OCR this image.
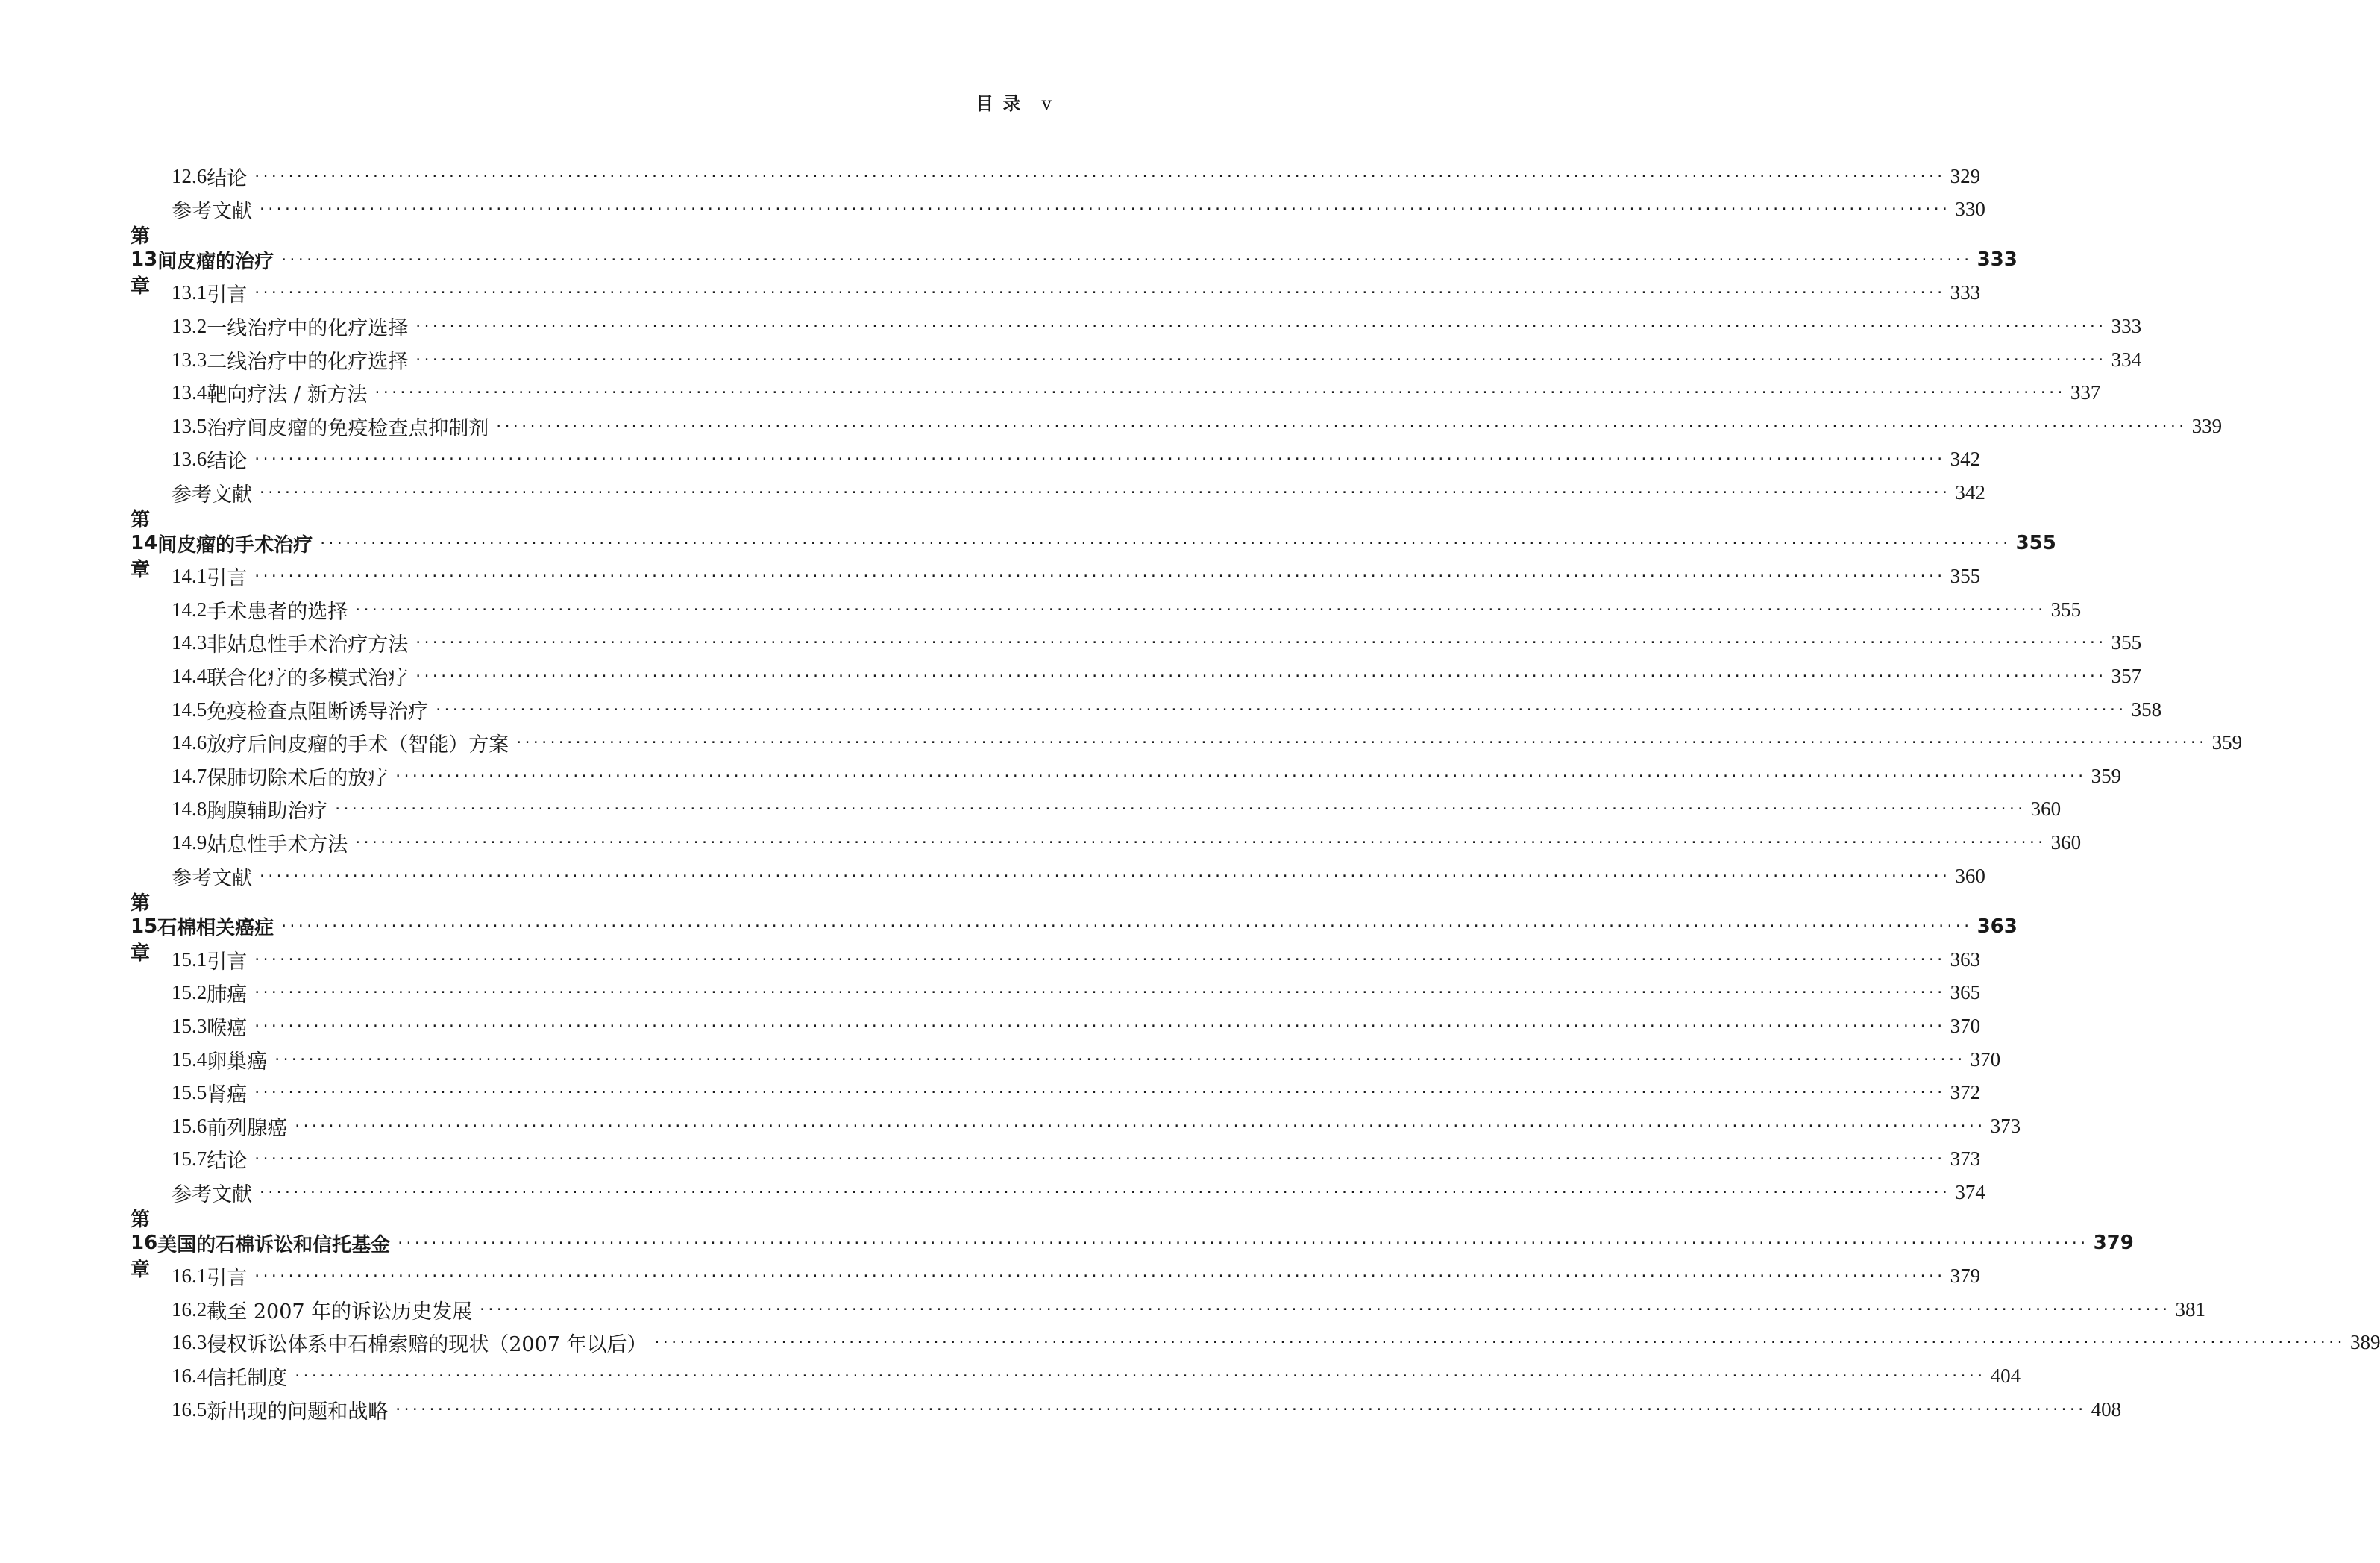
目 录 v
12.6 结论 ········································································································································································································ 329
参考文献 ········································································································································································································ 330
第 13 章
间皮瘤的治疗 ········································································································································································································ 333
13.1 引言 ········································································································································································································ 333
13.2 一线治疗中的化疗选择 ········································································································································································································ 333
13.3 二线治疗中的化疗选择 ········································································································································································································ 334
13.4 靶向疗法 / 新方法 ········································································································································································································ 337
13.5 治疗间皮瘤的免疫检查点抑制剂 ········································································································································································································ 339
13.6 结论 ········································································································································································································ 342
参考文献 ········································································································································································································ 342
第 14 章
间皮瘤的手术治疗 ········································································································································································································ 355
14.1 引言 ········································································································································································································ 355
14.2 手术患者的选择 ········································································································································································································ 355
14.3 非姑息性手术治疗方法 ········································································································································································································ 355
14.4 联合化疗的多模式治疗 ········································································································································································································ 357
14.5 免疫检查点阻断诱导治疗 ········································································································································································································ 358
14.6 放疗后间皮瘤的手术（智能）方案 ········································································································································································································ 359
14.7 保肺切除术后的放疗 ········································································································································································································ 359
14.8 胸膜辅助治疗 ········································································································································································································ 360
14.9 姑息性手术方法 ········································································································································································································ 360
参考文献 ········································································································································································································ 360
第 15 章
石棉相关癌症 ········································································································································································································ 363
15.1 引言 ········································································································································································································ 363
15.2 肺癌 ········································································································································································································ 365
15.3 喉癌 ········································································································································································································ 370
15.4 卵巢癌 ········································································································································································································ 370
15.5 肾癌 ········································································································································································································ 372
15.6 前列腺癌 ········································································································································································································ 373
15.7 结论 ········································································································································································································ 373
参考文献 ········································································································································································································ 374
第 16 章
美国的石棉诉讼和信托基金 ········································································································································································································ 379
16.1 引言 ········································································································································································································ 379
16.2 截至 2007 年的诉讼历史发展 ········································································································································································································ 381
16.3 侵权诉讼体系中石棉索赔的现状（2007 年以后） ········································································································································································································ 389
16.4 信托制度 ········································································································································································································ 404
16.5 新出现的问题和战略 ········································································································································································································ 408
